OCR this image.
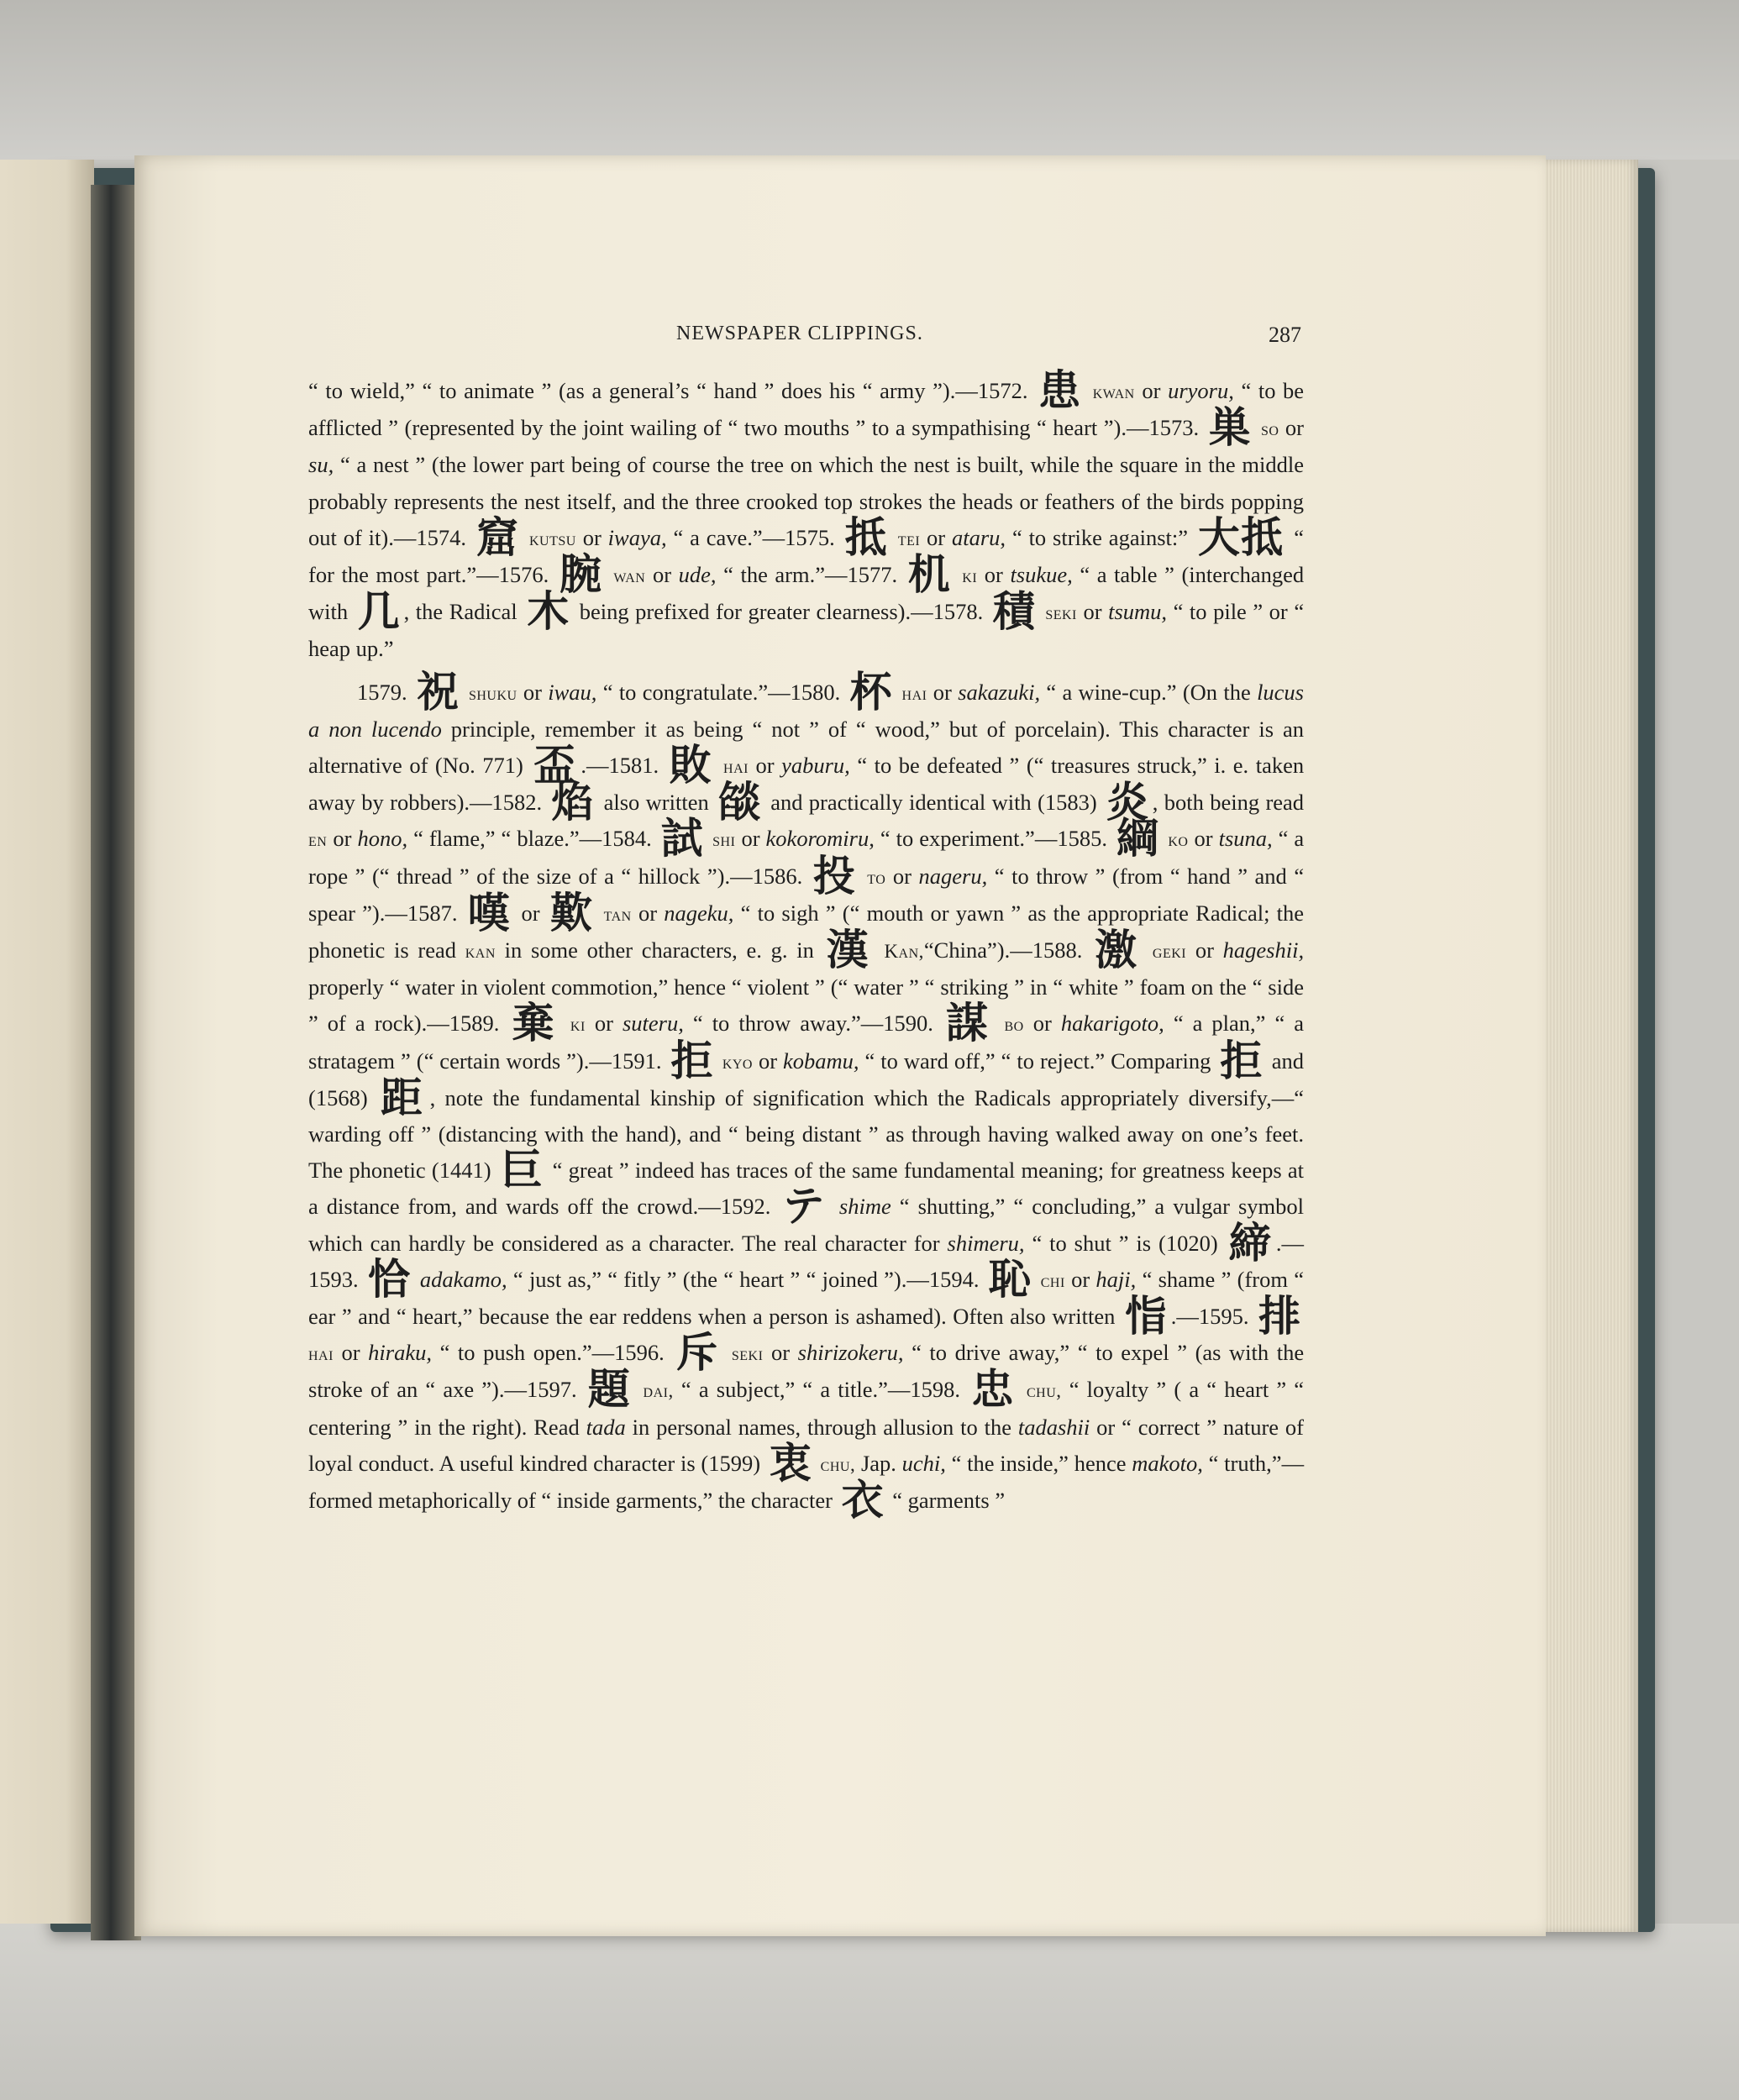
NEWSPAPER CLIPPINGS.	287

“ to wield,” “ to animate ” (as a general’s “ hand ” does his “ army ”).—1572. 患 kwan or uryoru, “ to be afflicted ” (represented by the joint wailing of “ two mouths ” to a sympathising “ heart ”).—1573. 巣 so or su, “ a nest ” (the lower part being of course the tree on which the nest is built, while the square in the middle probably represents the nest itself, and the three crooked top strokes the heads or feathers of the birds popping out of it).—1574. 窟 kutsu or iwaya, “ a cave.”—1575. 抵 tei or ataru, “ to strike against:” 大抵 “ for the most part.”—1576. 腕 wan or ude, “ the arm.”—1577. 机 ki or tsukue, “ a table ” (interchanged with 几 , the Radical 木 being prefixed for greater clearness).—1578. 積 seki or tsumu, “ to pile ” or “ heap up.”

1579. 祝 shuku or iwau, “ to congratulate.”—1580. 杯 hai or sakazuki, “ a wine-cup.” (On the lucus a non lucendo principle, remember it as being “ not ” of “ wood,” but of porcelain). This character is an alternative of (No. 771) 盃 .—1581. 敗 hai or yaburu, “ to be defeated ” (“ treasures struck,” i. e. taken away by robbers).—1582. 焰 also written 燄 and practically identical with (1583) 炎 , both being read en or hono, “ flame,” “ blaze.”—1584. 試 shi or kokoromiru, “ to experiment.”—1585. 綱 ko or tsuna, “ a rope ” (“ thread ” of the size of a “ hillock ”).—1586. 投 to or nageru, “ to throw ” (from “ hand ” and “ spear ”).—1587. 嘆 or 歎 tan or nageku, “ to sigh ” (“ mouth or yawn ” as the appropriate Radical; the phonetic is read kan in some other characters, e. g. in 漢 Kan,“China”).—1588. 激 geki or hageshii, properly “ water in violent commotion,” hence “ violent ” (“ water ” “ striking ” in “ white ” foam on the “ side ” of a rock).—1589. 棄 ki or suteru, “ to throw away.”—1590. 謀 bo or hakarigoto, “ a plan,” “ a stratagem ” (“ certain words ”).—1591. 拒 kyo or kobamu, “ to ward off,” “ to reject.” Comparing 拒 and (1568) 距 , note the fundamental kinship of signification which the Radicals appropriately diversify,—“ warding off ” (distancing with the hand), and “ being distant ” as through having walked away on one’s feet. The phonetic (1441) 巨 “ great ” indeed has traces of the same fundamental meaning; for greatness keeps at a distance from, and wards off the crowd.—1592. テ shime “ shutting,” “ concluding,” a vulgar symbol which can hardly be considered as a character. The real character for shimeru, “ to shut ” is (1020) 締 .—1593. 恰 adakamo, “ just as,” “ fitly ” (the “ heart ” “ joined ”).—1594. 恥 chi or haji, “ shame ” (from “ ear ” and “ heart,” because the ear reddens when a person is ashamed). Often also written 恉 .—1595. 排 hai or hiraku, “ to push open.”—1596. 斥 seki or shirizokeru, “ to drive away,” “ to expel ” (as with the stroke of an “ axe ”).—1597. 題 dai, “ a subject,” “ a title.”—1598. 忠 chu, “ loyalty ” ( a “ heart ” “ centering ” in the right). Read tada in personal names, through allusion to the tadashii or “ correct ” nature of loyal conduct. A useful kindred character is (1599) 衷 chu, Jap. uchi, “ the inside,” hence makoto, “ truth,”—formed metaphorically of “ inside garments,” the character 衣 “ garments ”
